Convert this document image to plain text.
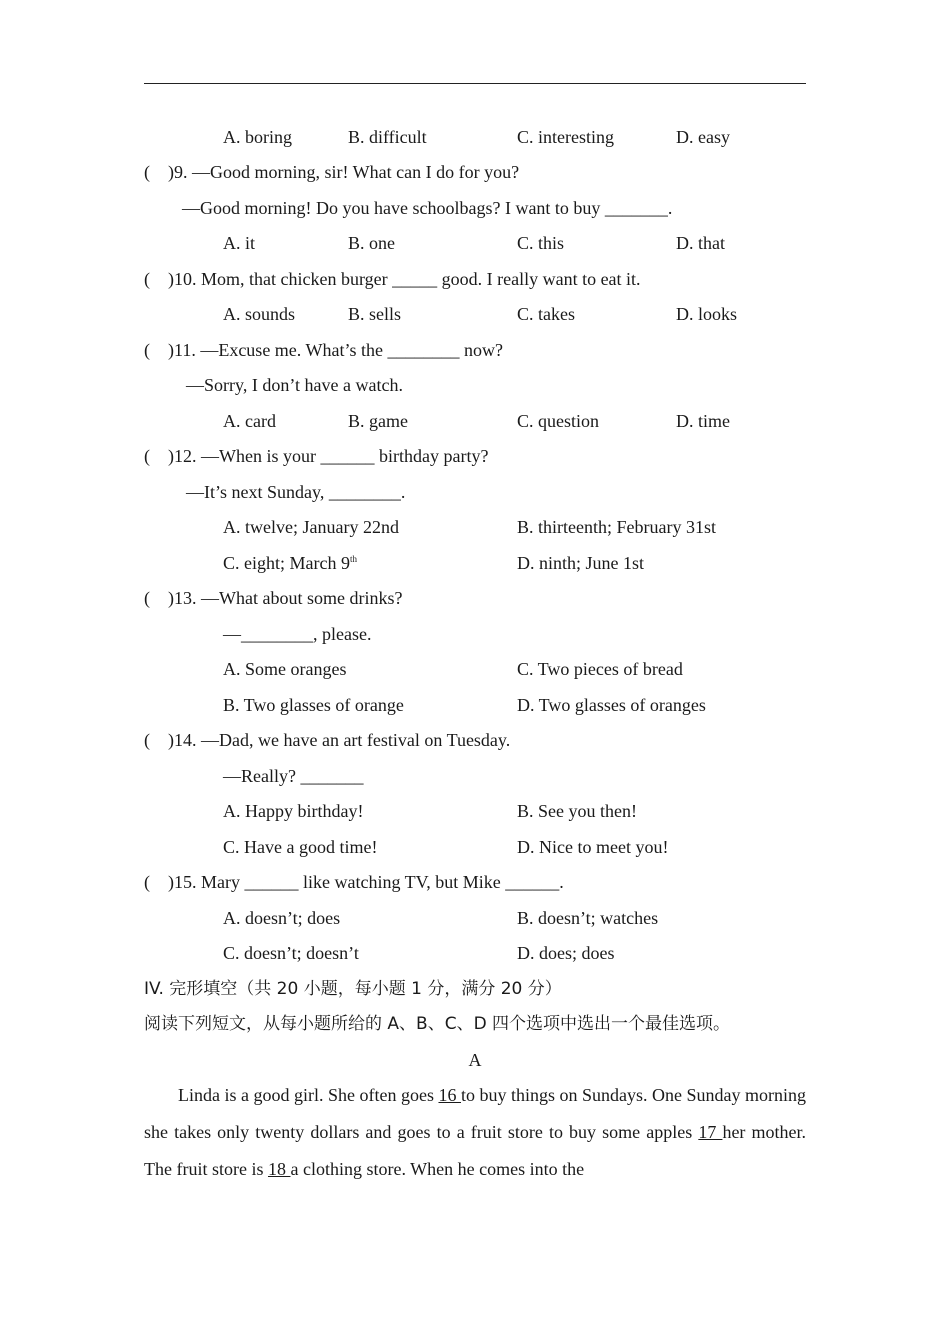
A. boring	B. difficult	C. interesting	D. easy
( )9. —Good morning, sir! What can I do for you?
—Good morning! Do you have schoolbags? I want to buy _______.
A. it	B. one	C. this	D. that
( )10. Mom, that chicken burger _____ good. I really want to eat it.
A. sounds	B. sells	C. takes	D. looks
( )11. —Excuse me. What’s the ________ now?
—Sorry, I don’t have a watch.
A. card	B. game	C. question	D. time
( )12. —When is your ______ birthday party?
—It’s next Sunday, ________.
A. twelve; January 22nd	B. thirteenth; February 31st
C. eight; March 9th	D. ninth; June 1st
( )13. —What about some drinks?
—________, please.
A. Some oranges	C. Two pieces of bread
B. Two glasses of orange	D. Two glasses of oranges
( )14. —Dad, we have an art festival on Tuesday.
—Really? _______
A. Happy birthday!	B. See you then!
C. Have a good time!	D. Nice to meet you!
( )15. Mary ______ like watching TV, but Mike ______.
A. doesn’t; does	B. doesn’t; watches
C. doesn’t; doesn’t	D. does; does
IV. 完形填空（共 20 小题，每小题 1 分，满分 20 分）
阅读下列短文，从每小题所给的 A、B、C、D 四个选项中选出一个最佳选项。
A
Linda is a good girl. She often goes 16 to buy things on Sundays. One Sunday morning she takes only twenty dollars and goes to a fruit store to buy some apples 17 her mother. The fruit store is 18 a clothing store. When he comes into the
